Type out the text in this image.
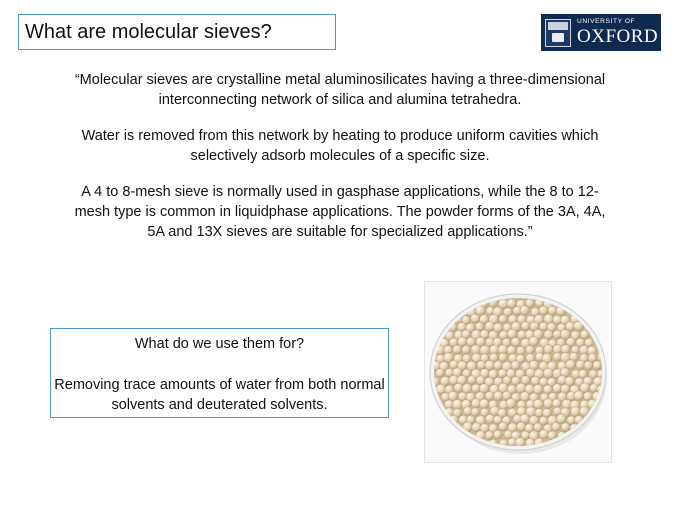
What are molecular sieves?	UNIVERSITY OF
OXFORD

“Molecular sieves are crystalline metal aluminosilicates having a three-dimensional interconnecting network of silica and alumina tetrahedra.

Water is removed from this network by heating to produce uniform cavities which selectively adsorb molecules of a specific size.

A 4 to 8-mesh sieve is normally used in gasphase applications, while the 8 to 12-mesh type is common in liquidphase applications. The powder forms of the 3A, 4A, 5A and 13X sieves are suitable for specialized applications.”

What do we use them for?

Removing trace amounts of water from both normal solvents and deuterated solvents.
